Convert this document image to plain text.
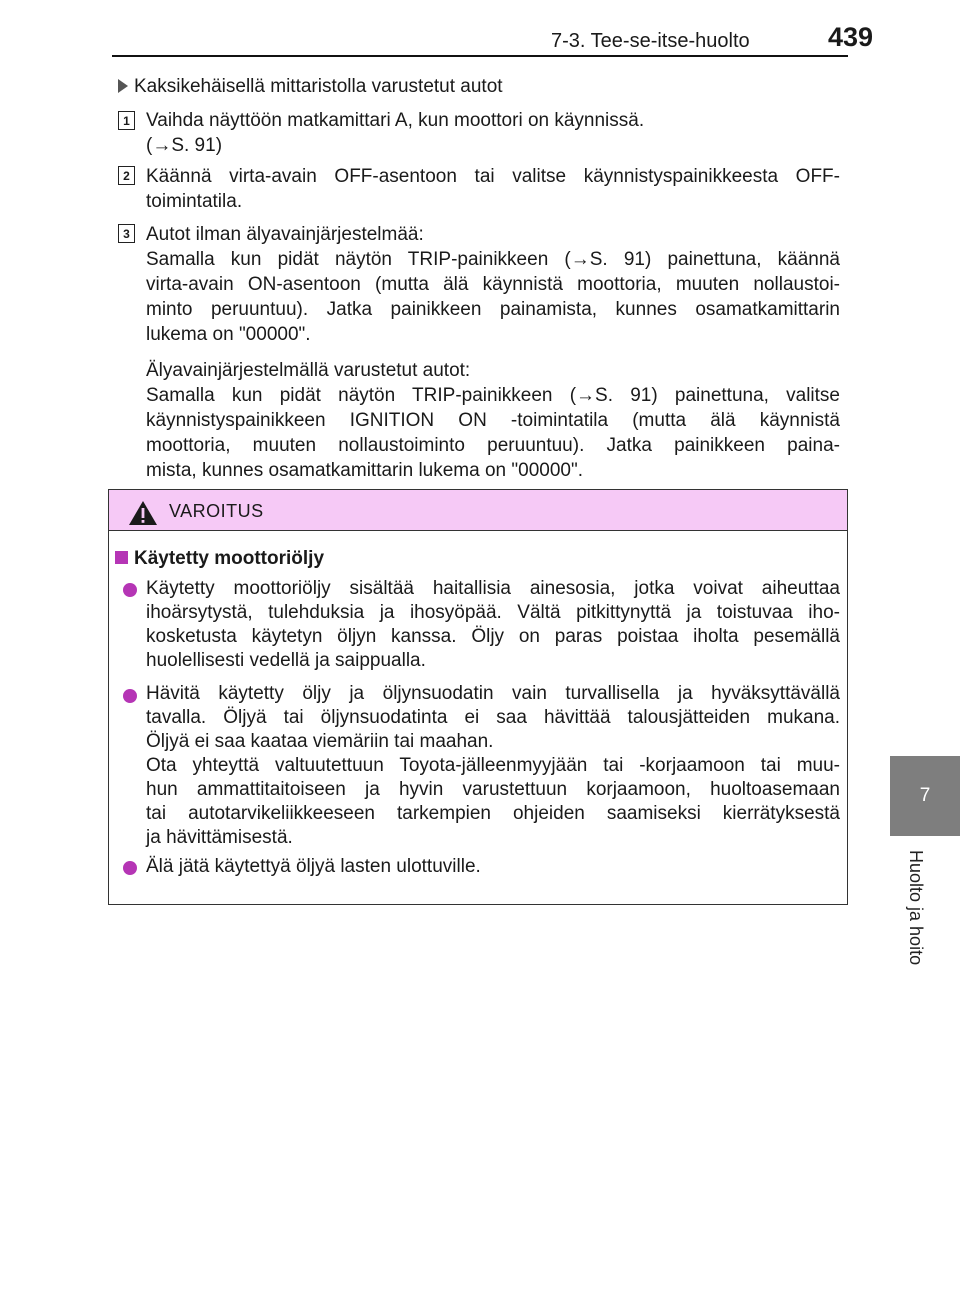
7-3. Tee-se-itse-huolto	439
7
Huolto ja hoito
Kaksikehäisellä mittaristolla varustetut autot
1 Vaihda näyttöön matkamittari A, kun moottori on käynnissä.
(→S. 91)
2 Käännä virta-avain OFF-asentoon tai valitse käynnistyspainikkeesta OFF-
toimintatila.
3 Autot ilman älyavainjärjestelmää:
Samalla kun pidät näytön TRIP-painikkeen (→S. 91) painettuna, käännä
virta-avain ON-asentoon (mutta älä käynnistä moottoria, muuten nollaustoi-
minto peruuntuu). Jatka painikkeen painamista, kunnes osamatkamittarin
lukema on "00000".
Älyavainjärjestelmällä varustetut autot:
Samalla kun pidät näytön TRIP-painikkeen (→S. 91) painettuna, valitse
käynnistyspainikkeen IGNITION ON -toimintatila (mutta älä käynnistä
moottoria, muuten nollaustoiminto peruuntuu). Jatka painikkeen paina-
mista, kunnes osamatkamittarin lukema on "00000".
VAROITUS
Käytetty moottoriöljy
Käytetty moottoriöljy sisältää haitallisia ainesosia, jotka voivat aiheuttaa
ihoärsytystä, tulehduksia ja ihosyöpää. Vältä pitkittynyttä ja toistuvaa iho-
kosketusta käytetyn öljyn kanssa. Öljy on paras poistaa iholta pesemällä
huolellisesti vedellä ja saippualla.
Hävitä käytetty öljy ja öljynsuodatin vain turvallisella ja hyväksyttävällä
tavalla. Öljyä tai öljynsuodatinta ei saa hävittää talousjätteiden mukana.
Öljyä ei saa kaataa viemäriin tai maahan.
Ota yhteyttä valtuutettuun Toyota-jälleenmyyjään tai -korjaamoon tai muu-
hun ammattitaitoiseen ja hyvin varustettuun korjaamoon, huoltoasemaan
tai autotarvikeliikkeeseen tarkempien ohjeiden saamiseksi kierrätyksestä
ja hävittämisestä.
Älä jätä käytettyä öljyä lasten ulottuville.
